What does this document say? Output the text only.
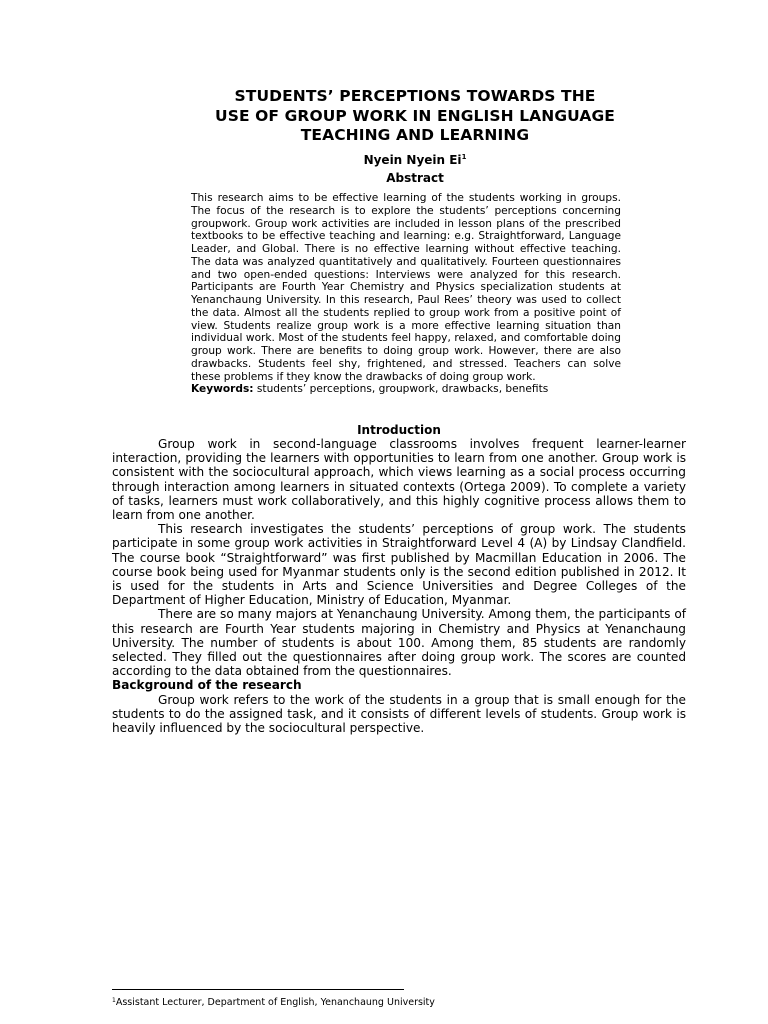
STUDENTS’ PERCEPTIONS TOWARDS THE
USE OF GROUP WORK IN ENGLISH LANGUAGE
TEACHING AND LEARNING
Nyein Nyein Ei$^1$
Abstract

This research aims to be effective learning of the students working in groups. The focus of the research is to explore the students’ perceptions concerning groupwork. Group work activities are included in lesson plans of the prescribed textbooks to be effective teaching and learning: e.g. Straightforward, Language Leader, and Global. There is no effective learning without effective teaching. The data was analyzed quantitatively and qualitatively. Fourteen questionnaires and two open-ended questions: Interviews were analyzed for this research. Participants are Fourth Year Chemistry and Physics specialization students at Yenanchaung University. In this research, Paul Rees’ theory was used to collect the data. Almost all the students replied to group work from a positive point of view. Students realize group work is a more effective learning situation than individual work. Most of the students feel happy, relaxed, and comfortable doing group work. There are benefits to doing group work. However, there are also drawbacks. Students feel shy, frightened, and stressed. Teachers can solve these problems if they know the drawbacks of doing group work.

Keywords: students’ perceptions, groupwork, drawbacks, benefits

Introduction

Group work in second-language classrooms involves frequent learner-learner interaction, providing the learners with opportunities to learn from one another. Group work is consistent with the sociocultural approach, which views learning as a social process occurring through interaction among learners in situated contexts (Ortega 2009). To complete a variety of tasks, learners must work collaboratively, and this highly cognitive process allows them to learn from one another.

This research investigates the students’ perceptions of group work. The students participate in some group work activities in Straightforward Level 4 (A) by Lindsay Clandfield. The course book “Straightforward” was first published by Macmillan Education in 2006. The course book being used for Myanmar students only is the second edition published in 2012. It is used for the students in Arts and Science Universities and Degree Colleges of the Department of Higher Education, Ministry of Education, Myanmar.

There are so many majors at Yenanchaung University. Among them, the participants of this research are Fourth Year students majoring in Chemistry and Physics at Yenanchaung University. The number of students is about 100. Among them, 85 students are randomly selected. They filled out the questionnaires after doing group work. The scores are counted according to the data obtained from the questionnaires.

Background of the research

Group work refers to the work of the students in a group that is small enough for the students to do the assigned task, and it consists of different levels of students. Group work is heavily influenced by the sociocultural perspective.

$^1$Assistant Lecturer, Department of English, Yenanchaung University
